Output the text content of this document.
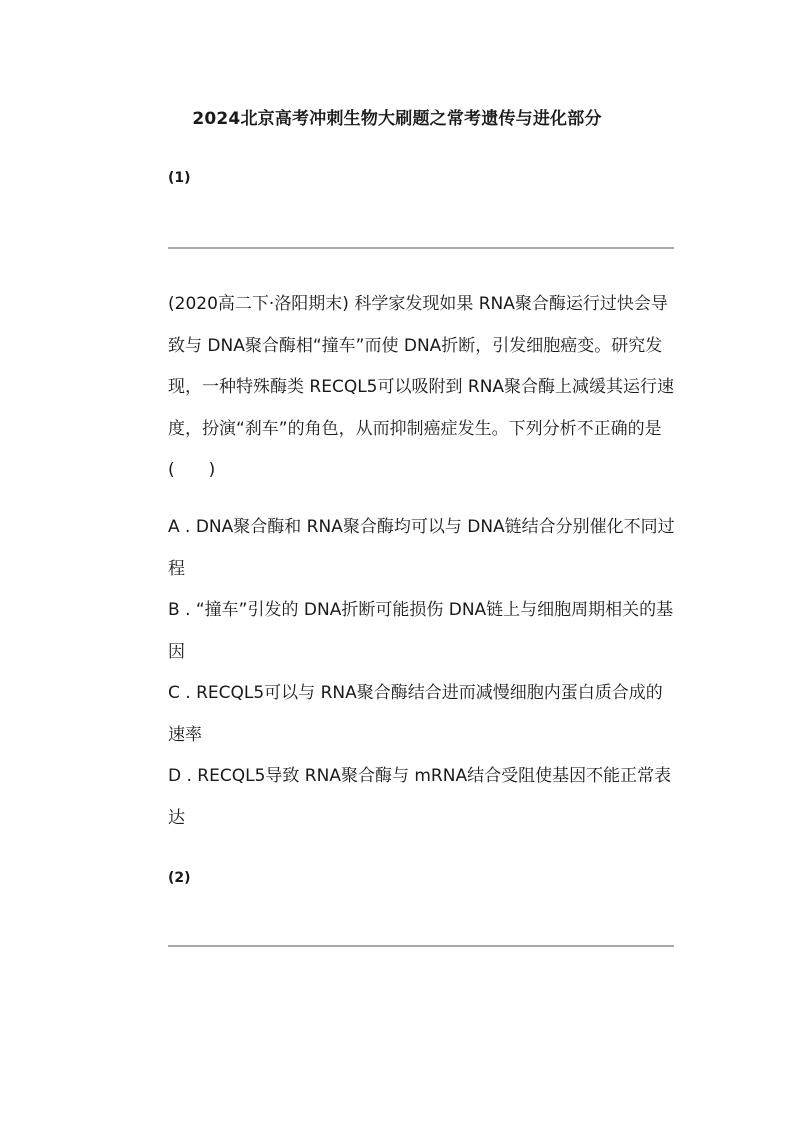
2024北京高考冲刺生物大刷题之常考遗传与进化部分
(1)

(2020高二下·洛阳期末) 科学家发现如果 RNA聚合酶运行过快会导致与 DNA聚合酶相“撞车”而使 DNA折断，引发细胞癌变。研究发现，一种特殊酶类 RECQL5可以吸附到 RNA聚合酶上减缓其运行速度，扮演“刹车”的角色，从而抑制癌症发生。下列分析不正确的是 (　　)

A . DNA聚合酶和 RNA聚合酶均可以与 DNA链结合分别催化不同过程

B . “撞车”引发的 DNA折断可能损伤 DNA链上与细胞周期相关的基因

C . RECQL5可以与 RNA聚合酶结合进而减慢细胞内蛋白质合成的速率

D . RECQL5导致 RNA聚合酶与 mRNA结合受阻使基因不能正常表达

(2)
